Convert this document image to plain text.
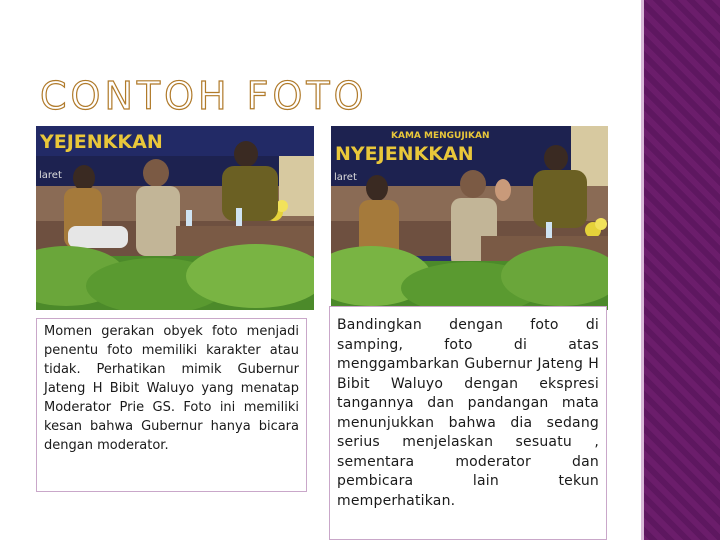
CONTOH FOTO
YEJENKKAN
laret
KAMA MENGUJIKAN
NYEJENKKAN
laret
Momen gerakan obyek foto menjadi penentu foto memiliki karakter atau tidak. Perhatikan mimik Gubernur Jateng H Bibit Waluyo yang menatap Moderator Prie GS. Foto ini memiliki kesan bahwa Gubernur hanya bicara dengan moderator.
Bandingkan dengan foto di samping, foto di atas menggambarkan Gubernur Jateng H Bibit Waluyo dengan ekspresi tangannya dan pandangan mata menunjukkan bahwa dia sedang serius menjelaskan sesuatu , sementara moderator dan pembicara lain tekun memperhatikan.
